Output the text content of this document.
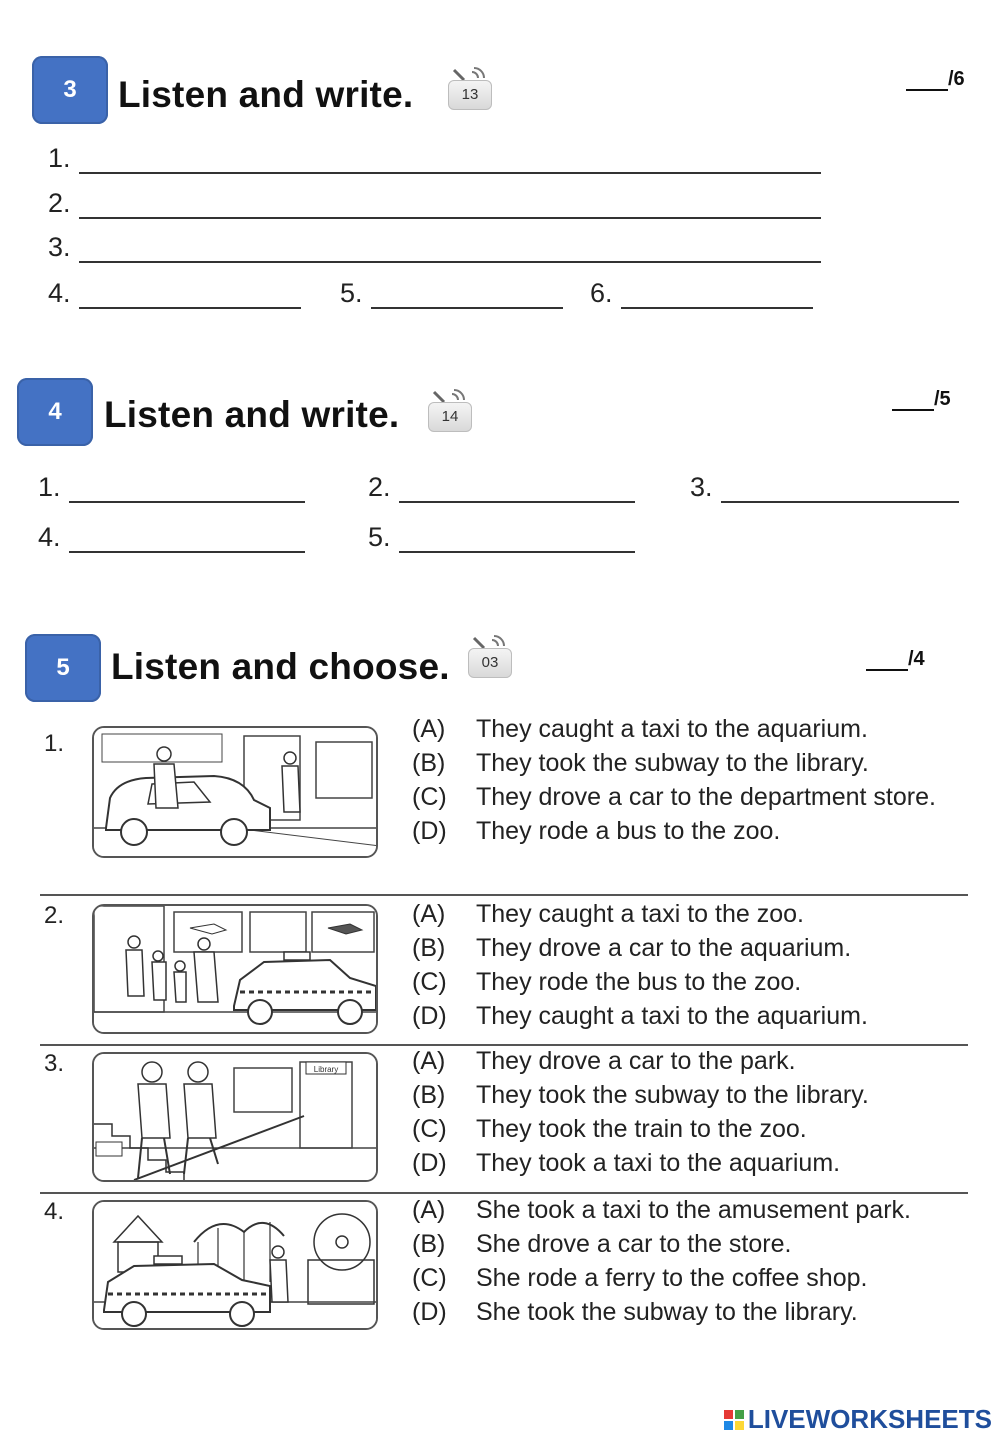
3 Listen and write.	13
/6
1.
2.
3.
4.	5.	6.
4 Listen and write.	14
/5
1.	2.	3.
4.	5.
5 Listen and choose.	03	/4
1.
(A)	They caught a taxi to the aquarium.
(B)	They took the subway to the library.
(C)	They drove a car to the department store.
(D)	They rode a bus to the zoo.
2.	(A)	They caught a taxi to the zoo.
(B)	They drove a car to the aquarium.
(C)	They rode the bus to the zoo.
(D)	They caught a taxi to the aquarium.
3.	Library	(A)	They drove a car to the park.
(B)	They took the subway to the library.
(C)	They took the train to the zoo.
(D)	They took a taxi to the aquarium.
4.	(A)	She took a taxi to the amusement park.
(B)	She drove a car to the store.
(C)	She rode a ferry to the coffee shop.
(D)	She took the subway to the library.
LIVEWORKSHEETS
